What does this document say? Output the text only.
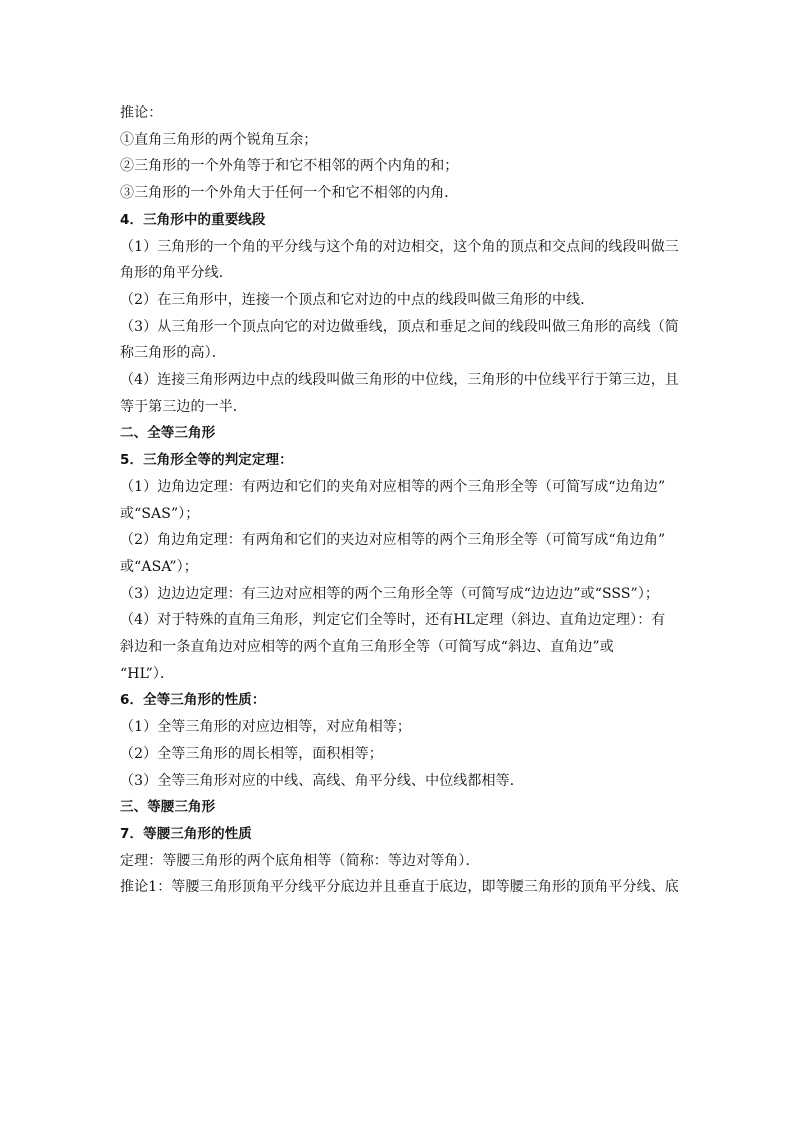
推论：
①直角三角形的两个锐角互余；
②三角形的一个外角等于和它不相邻的两个内角的和；
③三角形的一个外角大于任何一个和它不相邻的内角．
4．三角形中的重要线段
（1）三角形的一个角的平分线与这个角的对边相交，这个角的顶点和交点间的线段叫做三
角形的角平分线．
（2）在三角形中，连接一个顶点和它对边的中点的线段叫做三角形的中线．
（3）从三角形一个顶点向它的对边做垂线，顶点和垂足之间的线段叫做三角形的高线（简
称三角形的高）．
（4）连接三角形两边中点的线段叫做三角形的中位线，三角形的中位线平行于第三边，且
等于第三边的一半．
二、全等三角形
5．三角形全等的判定定理：
（1）边角边定理：有两边和它们的夹角对应相等的两个三角形全等（可简写成“边角边”
或“SAS”）；
（2）角边角定理：有两角和它们的夹边对应相等的两个三角形全等（可简写成“角边角”
或“ASA”）；
（3）边边边定理：有三边对应相等的两个三角形全等（可简写成“边边边”或“SSS”）；
（4）对于特殊的直角三角形，判定它们全等时，还有HL定理（斜边、直角边定理）：有
斜边和一条直角边对应相等的两个直角三角形全等（可简写成“斜边、直角边”或
“HL”）．
6．全等三角形的性质：
（1）全等三角形的对应边相等，对应角相等；
（2）全等三角形的周长相等，面积相等；
（3）全等三角形对应的中线、高线、角平分线、中位线都相等．
三、等腰三角形
7．等腰三角形的性质
定理：等腰三角形的两个底角相等（简称：等边对等角）．
推论1：等腰三角形顶角平分线平分底边并且垂直于底边，即等腰三角形的顶角平分线、底
